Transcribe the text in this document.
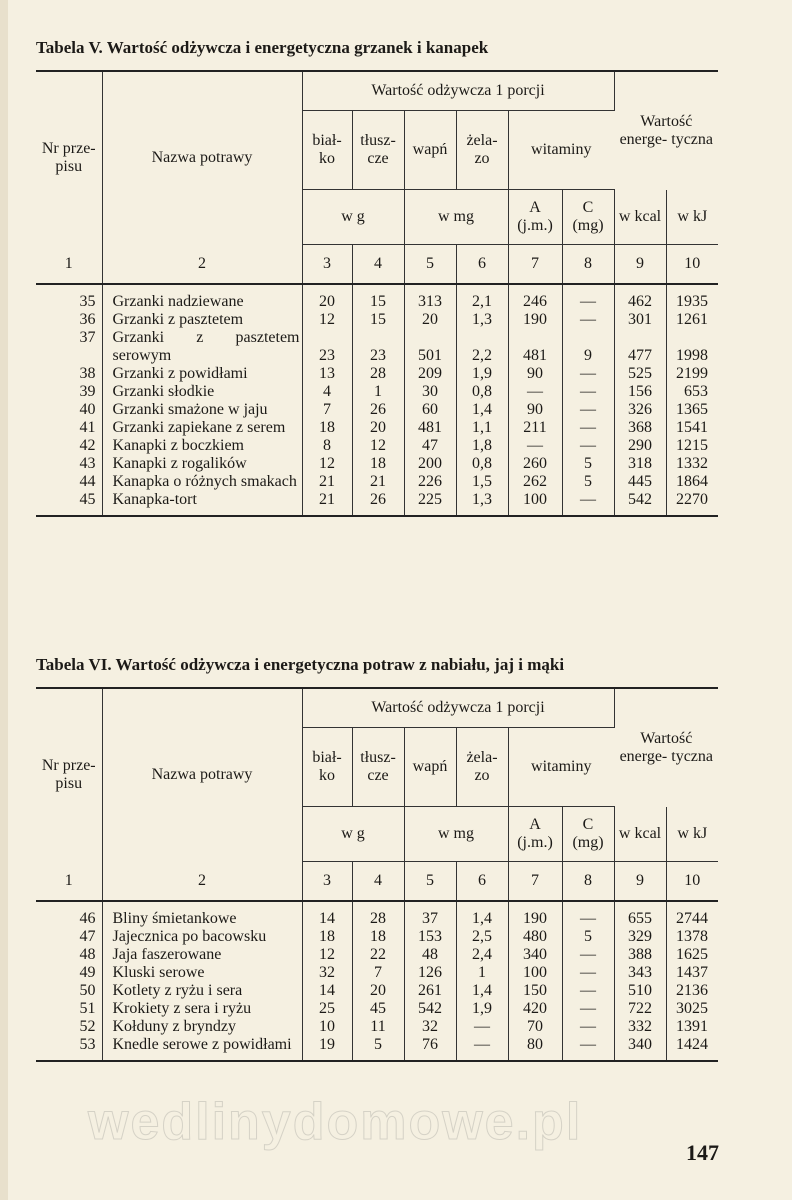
Tabela V. Wartość odżywcza i energetyczna grzanek i kanapek
Nr prze- pisu	Nazwa potrawy	Wartość odżywcza 1 porcji						Wartość energe- tyczna	
		biał- ko	tłusz- cze	wapń	żela- zo	witaminy			
		w g		w mg		A (j.m.)	C (mg)	w kcal	w kJ
1	2	3	4	5	6	7	8	9	10
35	Grzanki nadziewane	20	15	313	2,1	246	—	462	1935
36	Grzanki z pasztetem	12	15	20	1,3	190	—	301	1261
37	Grzanki z pasztetem serowym	23	23	501	2,2	481	9	477	1998
38	Grzanki z powidłami	13	28	209	1,9	90	—	525	2199
39	Grzanki słodkie	4	1	30	0,8	—	—	156	653
40	Grzanki smażone w jaju	7	26	60	1,4	90	—	326	1365
41	Grzanki zapiekane z serem	18	20	481	1,1	211	—	368	1541
42	Kanapki z boczkiem	8	12	47	1,8	—	—	290	1215
43	Kanapki z rogalików	12	18	200	0,8	260	5	318	1332
44	Kanapka o różnych smakach	21	21	226	1,5	262	5	445	1864
45	Kanapka-tort	21	26	225	1,3	100	—	542	2270
Tabela VI. Wartość odżywcza i energetyczna potraw z nabiału, jaj i mąki
Nr prze- pisu	Nazwa potrawy	Wartość odżywcza 1 porcji						Wartość energe- tyczna	
		biał- ko	tłusz- cze	wapń	żela- zo	witaminy			
		w g		w mg		A (j.m.)	C (mg)	w kcal	w kJ
1	2	3	4	5	6	7	8	9	10
46	Bliny śmietankowe	14	28	37	1,4	190	—	655	2744
47	Jajecznica po bacowsku	18	18	153	2,5	480	5	329	1378
48	Jaja faszerowane	12	22	48	2,4	340	—	388	1625
49	Kluski serowe	32	7	126	1	100	—	343	1437
50	Kotlety z ryżu i sera	14	20	261	1,4	150	—	510	2136
51	Krokiety z sera i ryżu	25	45	542	1,9	420	—	722	3025
52	Kołduny z bryndzy	10	11	32	—	70	—	332	1391
53	Knedle serowe z powidłami	19	5	76	—	80	—	340	1424
wedlinydomowe.pl
147
